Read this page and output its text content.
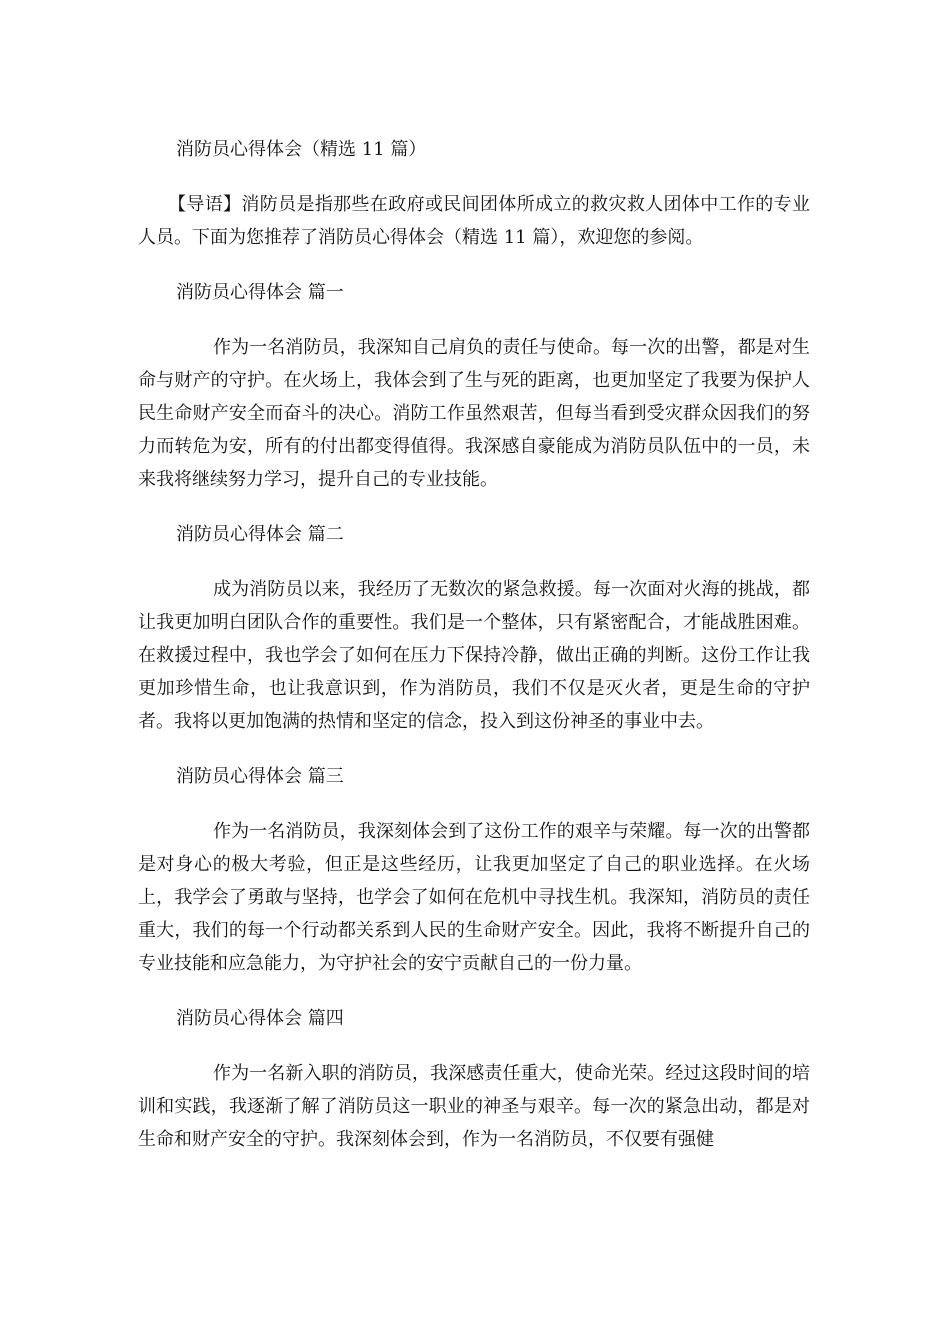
消防员心得体会（精选 11 篇）

【导语】消防员是指那些在政府或民间团体所成立的救灾救人团体中工作的专业人员。下面为您推荐了消防员心得体会（精选 11 篇），欢迎您的参阅。

消防员心得体会 篇一

作为一名消防员，我深知自己肩负的责任与使命。每一次的出警，都是对生命与财产的守护。在火场上，我体会到了生与死的距离，也更加坚定了我要为保护人民生命财产安全而奋斗的决心。消防工作虽然艰苦，但每当看到受灾群众因我们的努力而转危为安，所有的付出都变得值得。我深感自豪能成为消防员队伍中的一员，未来我将继续努力学习，提升自己的专业技能。

消防员心得体会 篇二

成为消防员以来，我经历了无数次的紧急救援。每一次面对火海的挑战，都让我更加明白团队合作的重要性。我们是一个整体，只有紧密配合，才能战胜困难。在救援过程中，我也学会了如何在压力下保持冷静，做出正确的判断。这份工作让我更加珍惜生命，也让我意识到，作为消防员，我们不仅是灭火者，更是生命的守护者。我将以更加饱满的热情和坚定的信念，投入到这份神圣的事业中去。

消防员心得体会 篇三

作为一名消防员，我深刻体会到了这份工作的艰辛与荣耀。每一次的出警都是对身心的极大考验，但正是这些经历，让我更加坚定了自己的职业选择。在火场上，我学会了勇敢与坚持，也学会了如何在危机中寻找生机。我深知，消防员的责任重大，我们的每一个行动都关系到人民的生命财产安全。因此，我将不断提升自己的专业技能和应急能力，为守护社会的安宁贡献自己的一份力量。

消防员心得体会 篇四

作为一名新入职的消防员，我深感责任重大，使命光荣。经过这段时间的培训和实践，我逐渐了解了消防员这一职业的神圣与艰辛。每一次的紧急出动，都是对生命和财产安全的守护。我深刻体会到，作为一名消防员，不仅要有强健
